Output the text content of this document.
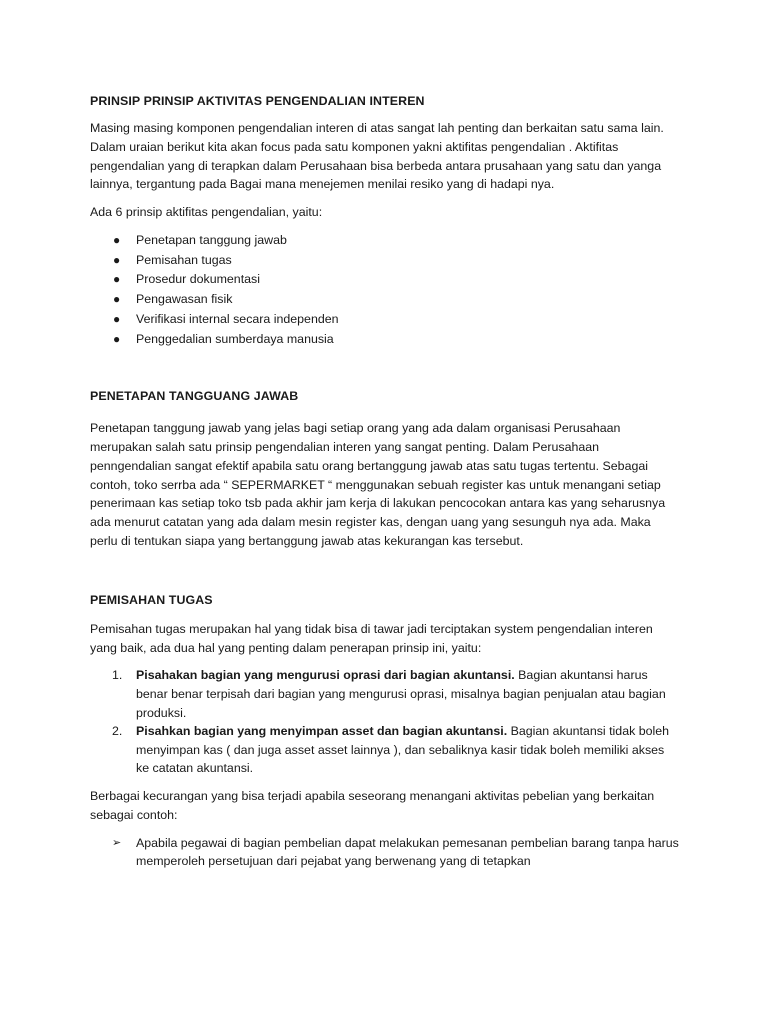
PRINSIP PRINSIP AKTIVITAS PENGENDALIAN INTEREN

Masing masing komponen pengendalian interen di atas sangat lah penting dan berkaitan satu sama lain. Dalam uraian berikut kita akan focus pada satu komponen yakni aktifitas pengendalian . Aktifitas pengendalian yang di terapkan dalam Perusahaan bisa berbeda antara prusahaan yang satu dan yanga lainnya, tergantung pada Bagai mana menejemen menilai resiko yang di hadapi nya.

Ada 6 prinsip aktifitas pengendalian, yaitu:

● Penetapan tanggung jawab
● Pemisahan tugas
● Prosedur dokumentasi
● Pengawasan fisik
● Verifikasi internal secara independen
● Penggedalian sumberdaya manusia
PENETAPAN TANGGUANG JAWAB

Penetapan tanggung jawab yang jelas bagi setiap orang yang ada dalam organisasi Perusahaan merupakan salah satu prinsip pengendalian interen yang sangat penting. Dalam Perusahaan penngendalian sangat efektif apabila satu orang bertanggung jawab atas satu tugas tertentu. Sebagai contoh, toko serrba ada “ SEPERMARKET “ menggunakan sebuah register kas untuk menangani setiap penerimaan kas setiap toko tsb pada akhir jam kerja di lakukan pencocokan antara kas yang seharusnya ada menurut catatan yang ada dalam mesin register kas, dengan uang yang sesunguh nya ada. Maka perlu di tentukan siapa yang bertanggung jawab atas kekurangan kas tersebut.

PEMISAHAN TUGAS

Pemisahan tugas merupakan hal yang tidak bisa di tawar jadi terciptakan system pengendalian interen yang baik, ada dua hal yang penting dalam penerapan prinsip ini, yaitu:

1. Pisahakan bagian yang mengurusi oprasi dari bagian akuntansi. Bagian akuntansi harus benar benar terpisah dari bagian yang mengurusi oprasi, misalnya bagian penjualan atau bagian produksi.
2. Pisahkan bagian yang menyimpan asset dan bagian akuntansi. Bagian akuntansi tidak boleh menyimpan kas ( dan juga asset asset lainnya ), dan sebaliknya kasir tidak boleh memiliki akses ke catatan akuntansi.

Berbagai kecurangan yang bisa terjadi apabila seseorang menangani aktivitas pebelian yang berkaitan sebagai contoh:

➢ Apabila pegawai di bagian pembelian dapat melakukan pemesanan pembelian barang tanpa harus memperoleh persetujuan dari pejabat yang berwenang yang di tetapkan
